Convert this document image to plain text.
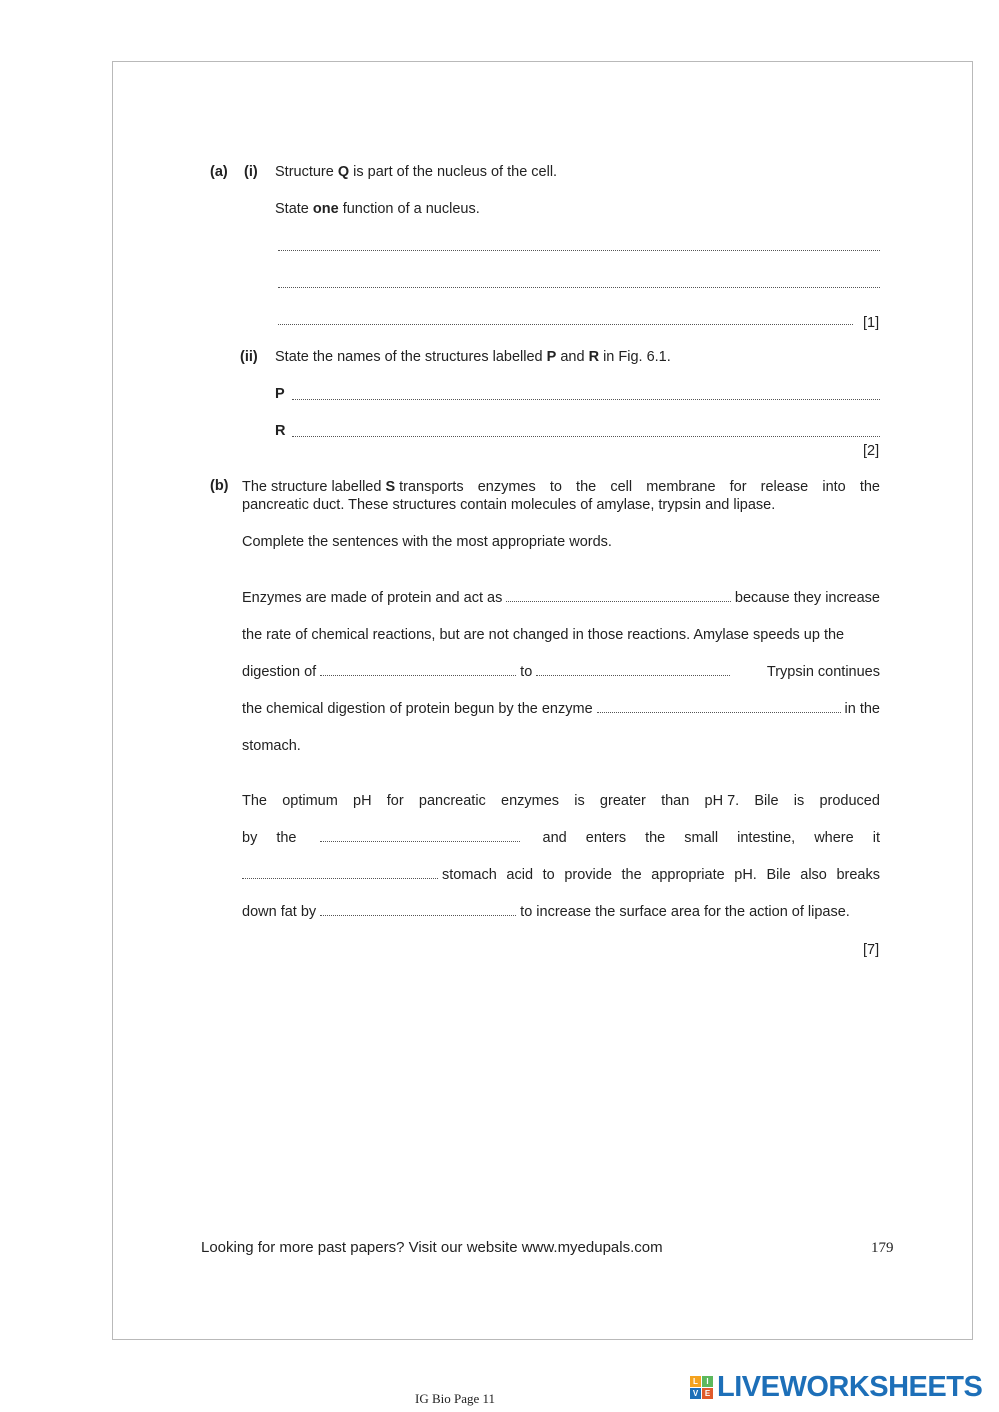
(a) (i) Structure Q is part of the nucleus of the cell.
State one function of a nucleus.
[1]
(ii) State the names of the structures labelled P and R in Fig. 6.1.
P
R
[2]
(b) The structure labelled S transports enzymes to the cell membrane for release into the
pancreatic duct. These structures contain molecules of amylase, trypsin and lipase.
Complete the sentences with the most appropriate words.
Enzymes are made of protein and act as	because they increase
the rate of chemical reactions, but are not changed in those reactions. Amylase speeds up the
digestion of	to	Trypsin continues
the chemical digestion of protein begun by the enzyme	in the
stomach.
The optimum pH for pancreatic enzymes is greater than pH 7. Bile is produced
by the	and enters the small intestine, where it
stomach acid to provide the appropriate pH. Bile also breaks
down fat by	to increase the surface area for the action of lipase.
[7]
Looking for more past papers? Visit our website www.myedupals.com	179
IG Bio Page 11
L	I
V E LIVEWORKSHEETS
